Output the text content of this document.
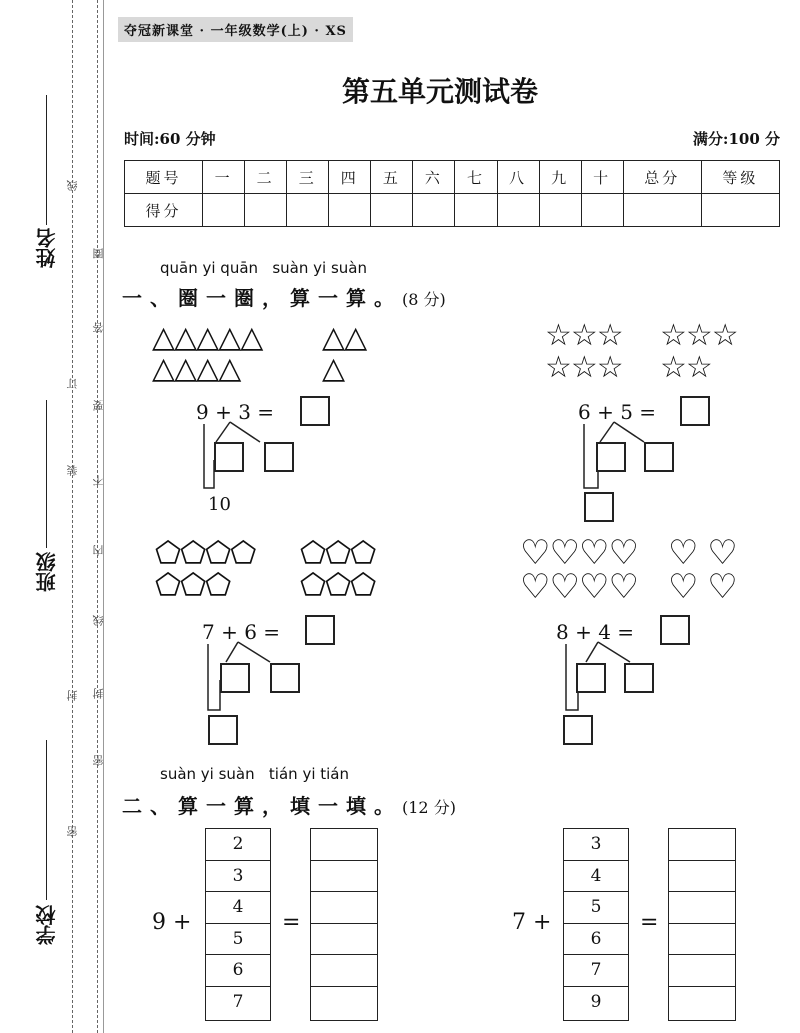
姓名
班级
学校
线
订
装
封
密
圈
答
要
不
内
线
封
密
夺冠新课堂 · 一年级数学(上) · XS
第五单元测试卷
时间:60 分钟	满分:100 分
题号	一	二	三	四	五	六	七	八	九	十	总分	等级
得分												
quān yi quān   suàn yi suàn
一、圈一圈，算一算。(8 分)
△△△△△ △△
△△△△	△
9 + 3 =
10
☆☆☆ ☆☆☆
☆☆☆ ☆☆
6 + 5 =
⬠⬠⬠⬠ ⬠⬠⬠
⬠⬠⬠ ⬠⬠⬠
7 + 6 =
♡♡♡♡ ♡ ♡
♡♡♡♡ ♡ ♡
8 + 4 =
suàn yi suàn   tián yi tián
二、算一算，填一填。(12 分)
9 +
2
3
4
5
6
7
=	7 +
3
4
5
6
7
9
=
